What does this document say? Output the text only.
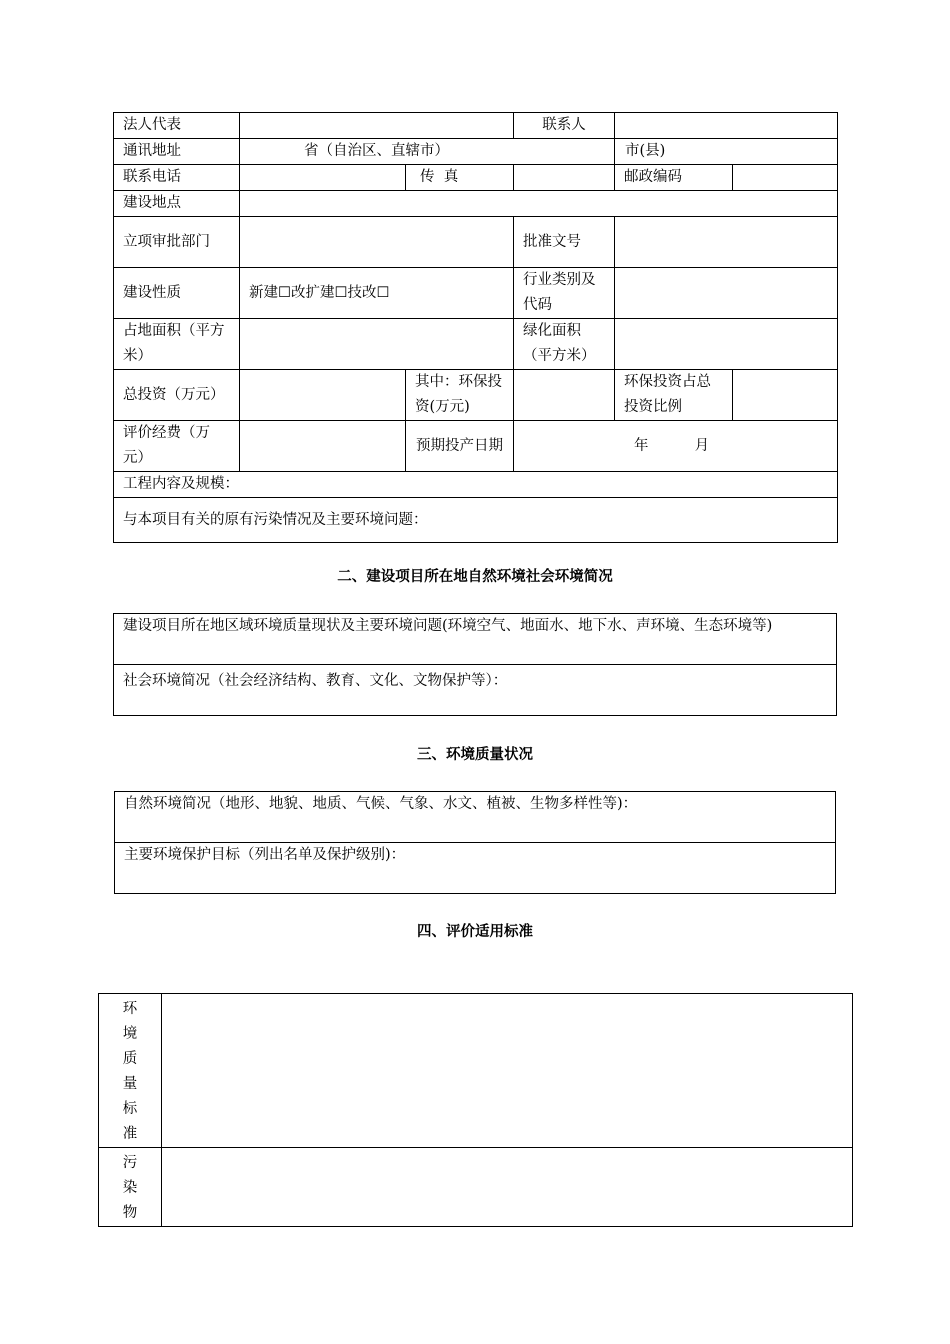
法人代表			联系人		
通讯地址	省（自治区、直辖市）			市(县)	
联系电话		传  真		邮政编码	
建设地点					
立项审批部门			批准文号		
建设性质	新建☐改扩建☐技改☐		行业类别及代码		
占地面积（平方米）			绿化面积（平方米）		
总投资（万元）		其中：环保投资(万元)		环保投资占总投资比例	
评价经费（万元）		预期投产日期	年          月		
工程内容及规模：					
与本项目有关的原有污染情况及主要环境问题：					
二、建设项目所在地自然环境社会环境简况
建设项目所在地区域环境质量现状及主要环境问题(环境空气、地面水、地下水、声环境、生态环境等)
社会环境简况（社会经济结构、教育、文化、文物保护等）：
三、环境质量状况
自然环境简况（地形、地貌、地质、气候、气象、水文、植被、生物多样性等)：
主要环境保护目标（列出名单及保护级别)：
四、评价适用标准
环境质量标准	

污染物	
